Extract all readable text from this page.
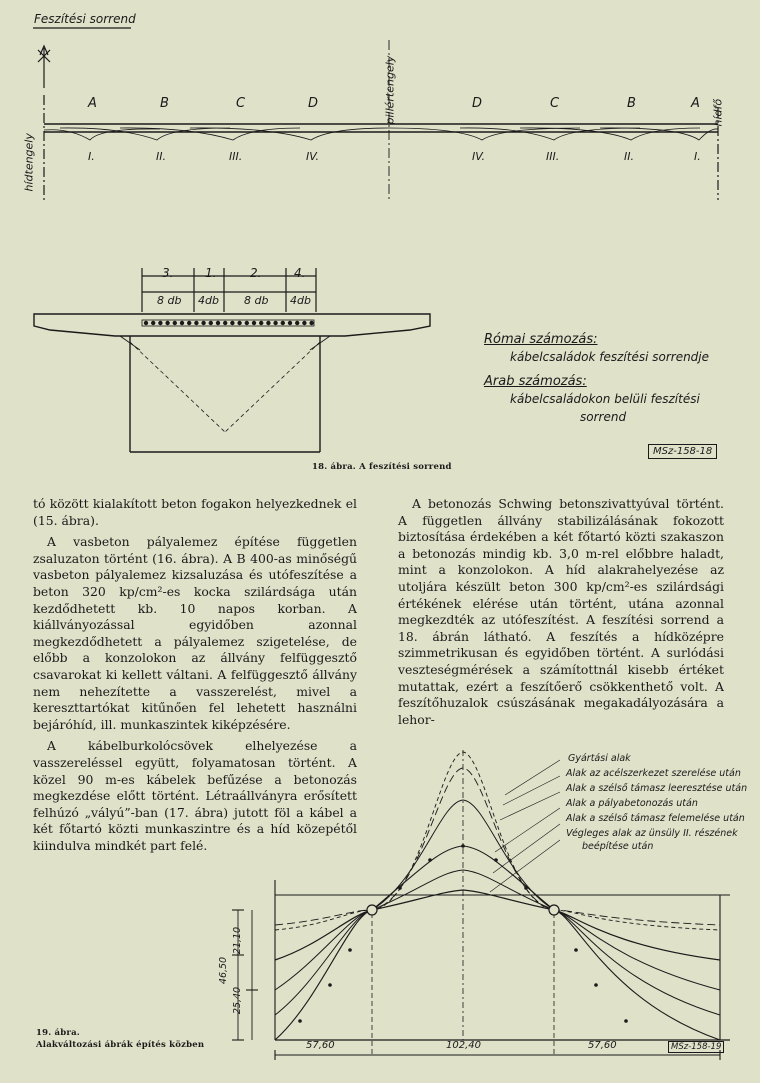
Feszítési sorrend
hídtengely
pillértengely	hídfő
A	B	C	D	D	C	B	A
I.	II.	III.	IV.	IV.	III.	II.	I.
3.	1.	2.	4.
8 db 4db 8 db 4db
Római számozás:
kábelcsaládok feszítési sorrendje
Arab számozás:
kábelcsaládokon belüli feszítési
sorrend
MSz-158-18
18. ábra. A feszítési sorrend

tó között kialakított beton fogakon helyezkednek el (15. ábra).

A vasbeton pályalemez építése független zsaluzaton történt (16. ábra). A B 400-as minőségű vasbeton pályalemez kizsaluzása és utófeszítése a beton 320 kp/cm²-es kocka szilárdsága után kezdődhetett kb. 10 napos korban. A kiállványozással egyidőben azonnal megkezdődhetett a pályalemez szigetelése, de előbb a konzolokon az állvány felfüggesztő csavarokat ki kellett váltani. A felfüggesztő állvány nem nehezítette a vasszerelést, mivel a kereszttartókat kitűnően fel lehetett használni bejáróhíd, ill. munkaszintek kiképzésére.

A kábelburkolócsövek elhelyezése a vasszereléssel együtt, folyamatosan történt. A közel 90 m-es kábelek befűzése a betonozás megkezdése előtt történt. Létraállványra erősített felhúzó „vályú”-ban (17. ábra) jutott föl a kábel a két főtartó közti munkaszintre és a híd közepétől kiindulva mindkét part felé.

A betonozás Schwing betonszivattyúval történt. A független állvány stabilizálásának fokozott biztosítása érdekében a két főtartó közti szakaszon a betonozás mindig kb. 3,0 m-rel előbbre haladt, mint a konzolokon. A híd alakrahelyezése az utoljára készült beton 300 kp/cm²-es szilárdsági értékének elérése után történt, utána azonnal megkezdték az utófeszítést. A feszítési sorrend a 18. ábrán látható. A feszítés a hídközépre szimmetrikusan és egyidőben történt. A surlódási veszteségmérések a számítottnál kisebb értéket mutattak, ezért a feszítőerő csökkenthető volt. A feszítőhuzalok csúszásának megakadályozására a lehor-

Gyártási alak
Alak az acélszerkezet szerelése után
Alak a szélső támasz leeresztése után
Alak a pályabetonozás után
Alak a szélső támasz felemelése után
Végleges alak az ünsüly II. részének
beépítése után
46,50
21,10
25,40
57,60	102,40	57,60	MSz-158-19
19. ábra.
Alakváltozási ábrák építés közben
